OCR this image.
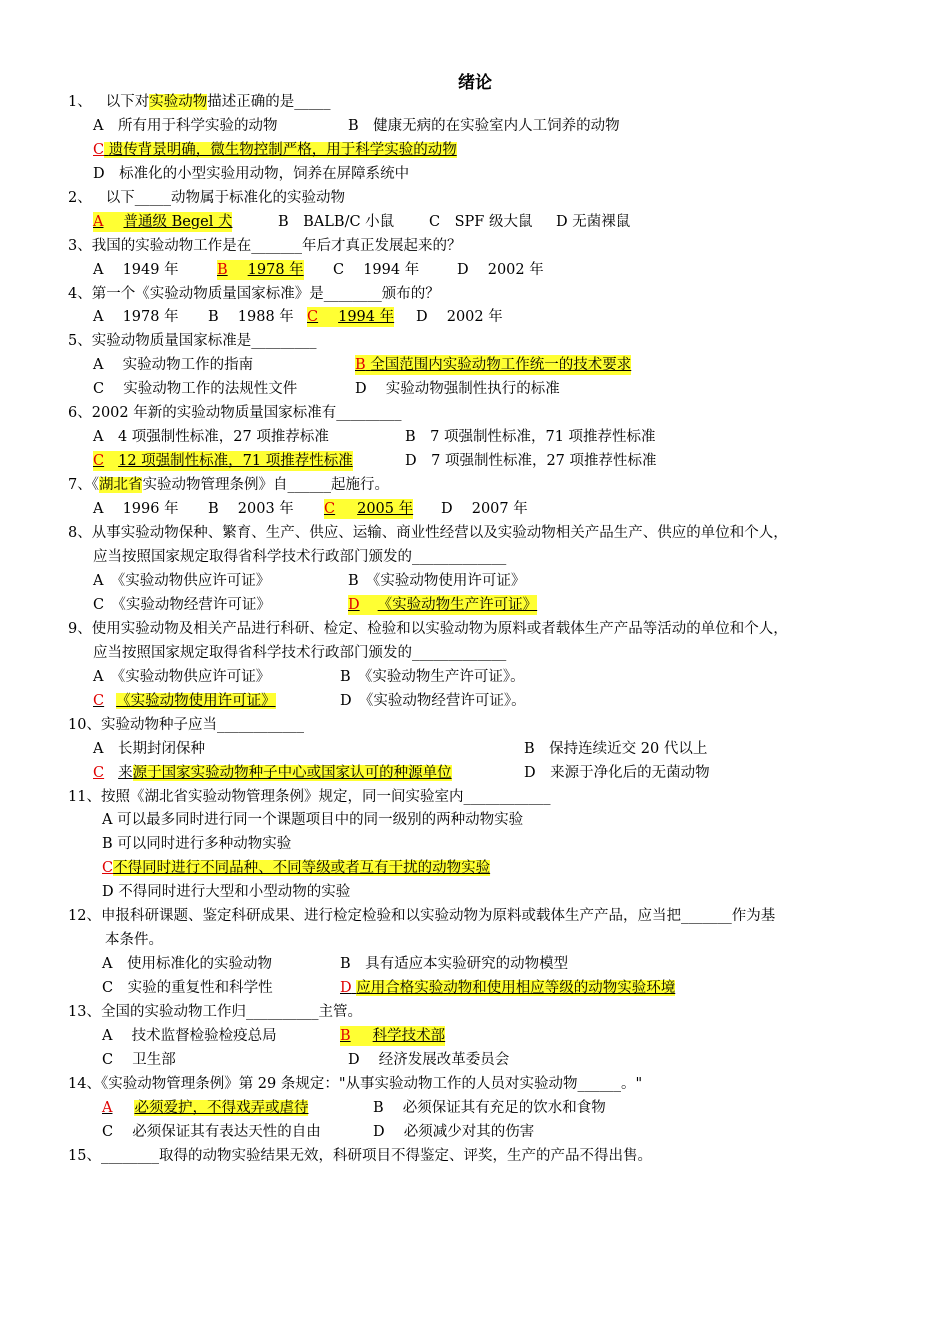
绪论
1、 以下对实验动物描述正确的是_____
A　所有用于科学实验的动物	B　健康无病的在实验室内人工饲养的动物
C 遗传背景明确，微生物控制严格，用于科学实验的动物
D　标准化的小型实验用动物，饲养在屏障系统中
2、 以下_____动物属于标准化的实验动物
A 普通级 Begel 犬	B　BALB/C 小鼠 C　SPF 级大鼠 D 无菌裸鼠
3、我国的实验动物工作是在_______年后才真正发展起来的？
A　 1949 年	B 1978 年 C　 1994 年	D　 2002 年
4、第一个《实验动物质量国家标准》是________颁布的？
A　 1978 年 B　 1988 年 C 1994 年 D　 2002 年
5、实验动物质量国家标准是_________
A　 实验动物工作的指南	B 全国范围内实验动物工作统一的技术要求
C　 实验动物工作的法规性文件	D　 实验动物强制性执行的标准
6、2002 年新的实验动物质量国家标准有_________
A　4 项强制性标准，27 项推荐标准	B　7 项强制性标准，71 项推荐性标准
C 12 项强制性标准，71 项推荐性标准	D　7 项强制性标准，27 项推荐性标准
7、《湖北省实验动物管理条例》自______起施行。
A　 1996 年 B　 2003 年 C 2005 年 D　 2007 年
8、从事实验动物保种、繁育、生产、供应、运输、商业性经营以及实验动物相关产品生产、供应的单位和个人，
应当按照国家规定取得省科学技术行政部门颁发的_____________
A　《实验动物供应许可证》	B　《实验动物使用许可证》
C　《实验动物经营许可证》	D 《实验动物生产许可证》
9、使用实验动物及相关产品进行科研、检定、检验和以实验动物为原料或者载体生产产品等活动的单位和个人，
应当按照国家规定取得省科学技术行政部门颁发的_____________
A　《实验动物供应许可证》	B　《实验动物生产许可证》。
C 《实验动物使用许可证》	D　《实验动物经营许可证》。
10、实验动物种子应当____________
A　长期封闭保种	B　保持连续近交 20 代以上
C 来源于国家实验动物种子中心或国家认可的种源单位	D　来源于净化后的无菌动物
11、按照《湖北省实验动物管理条例》规定，同一间实验室内____________
A 可以最多同时进行同一个课题项目中的同一级别的两种动物实验
B 可以同时进行多种动物实验
C不得同时进行不同品种、不同等级或者互有干扰的动物实验
D 不得同时进行大型和小型动物的实验
12、申报科研课题、鉴定科研成果、进行检定检验和以实验动物为原料或载体生产产品，应当把_______作为基
本条件。
A　使用标准化的实验动物	B　具有适应本实验研究的动物模型
C　实验的重复性和科学性	D 应用合格实验动物和使用相应等级的动物实验环境
13、全国的实验动物工作归__________主管。
A　 技术监督检验检疫总局	B 科学技术部
C　 卫生部	D　 经济发展改革委员会
14、《实验动物管理条例》第 29 条规定："从事实验动物工作的人员对实验动物______。"
A 必须爱护，不得戏弄或虐待	B　 必须保证其有充足的饮水和食物
C　 必须保证其有表达天性的自由	D　 必须减少对其的伤害
15、________取得的动物实验结果无效，科研项目不得鉴定、评奖，生产的产品不得出售。
